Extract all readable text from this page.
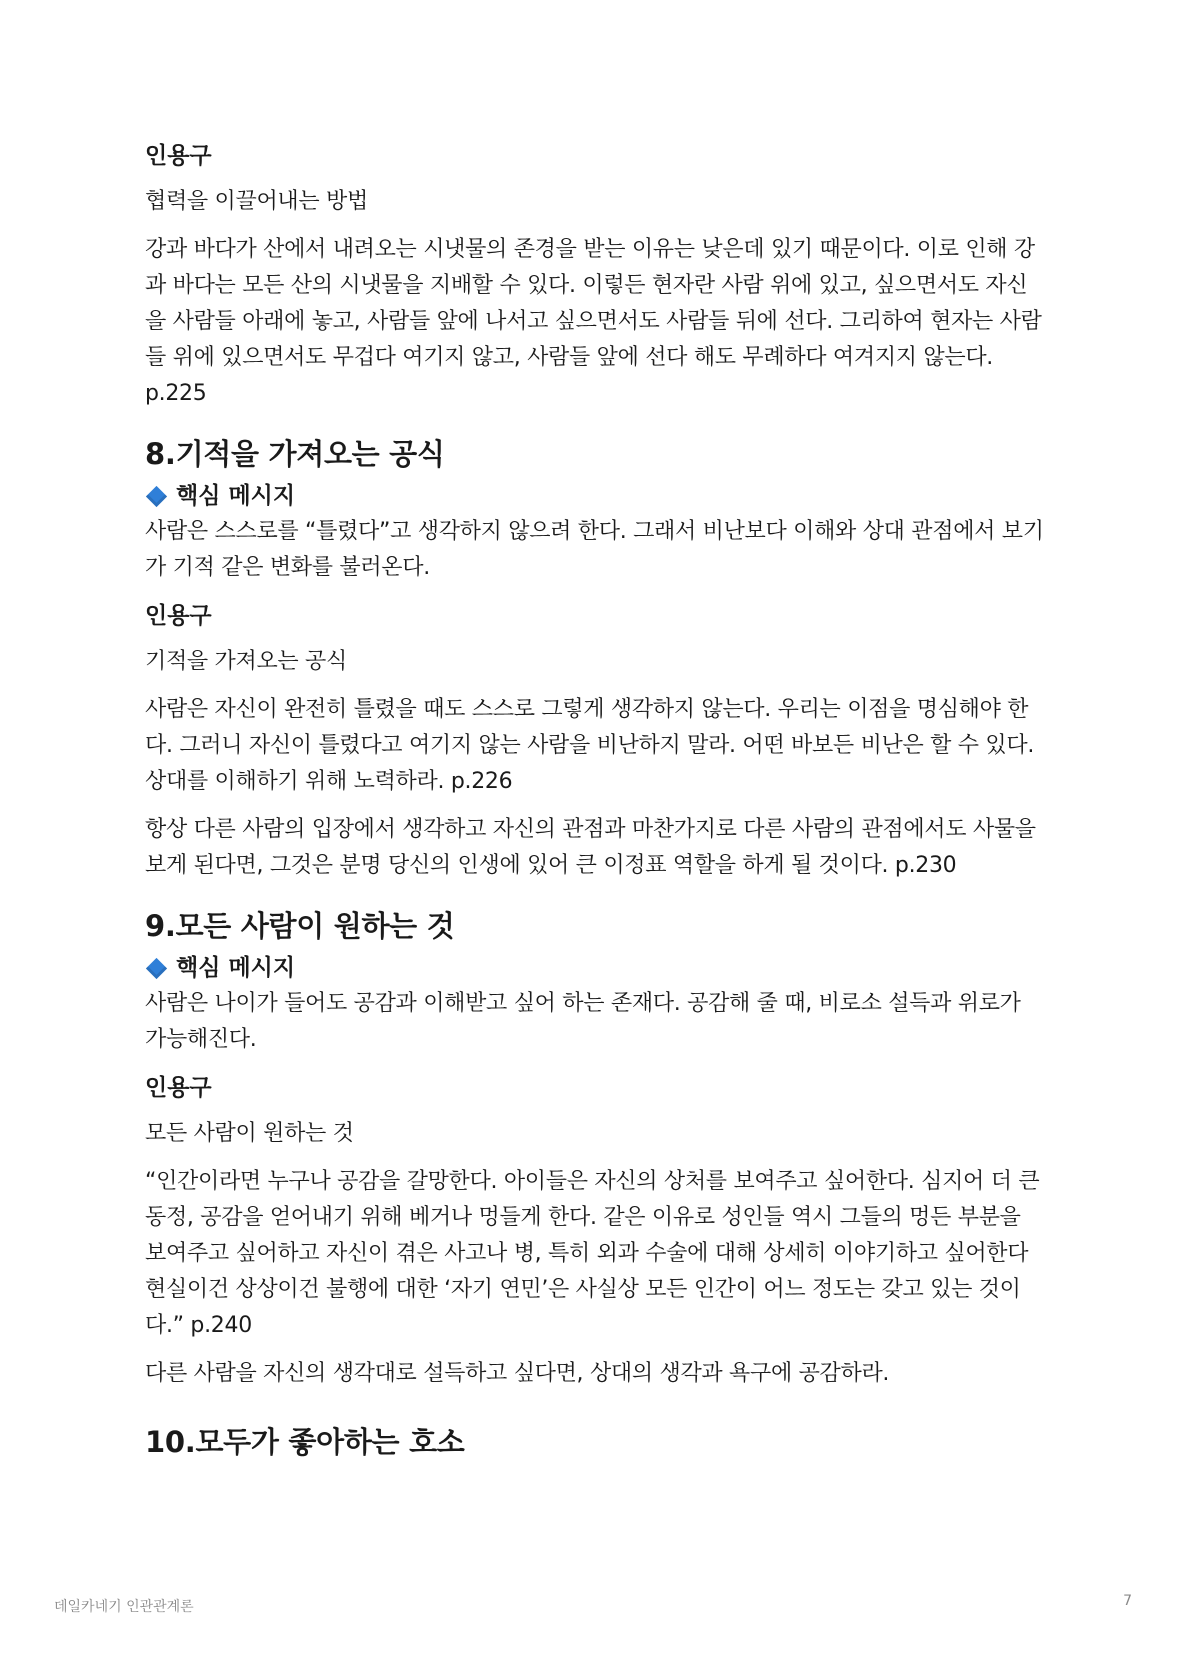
인용구

협력을 이끌어내는 방법

강과 바다가 산에서 내려오는 시냇물의 존경을 받는 이유는 낮은데 있기 때문이다. 이로 인해 강과 바다는 모든 산의 시냇물을 지배할 수 있다. 이렇든 현자란 사람 위에 있고, 싶으면서도 자신을 사람들 아래에 놓고, 사람들 앞에 나서고 싶으면서도 사람들 뒤에 선다. 그리하여 현자는 사람들 위에 있으면서도 무겁다 여기지 않고, 사람들 앞에 선다 해도 무례하다 여겨지지 않는다. p.225

8.기적을 가져오는 공식
핵심 메시지

사람은 스스로를 “틀렸다”고 생각하지 않으려 한다. 그래서 비난보다 이해와 상대 관점에서 보기가 기적 같은 변화를 불러온다.

인용구

기적을 가져오는 공식

사람은 자신이 완전히 틀렸을 때도 스스로 그렇게 생각하지 않는다. 우리는 이점을 명심해야 한다. 그러니 자신이 틀렸다고 여기지 않는 사람을 비난하지 말라. 어떤 바보든 비난은 할 수 있다. 상대를 이해하기 위해 노력하라. p.226

항상 다른 사람의 입장에서 생각하고 자신의 관점과 마찬가지로 다른 사람의 관점에서도 사물을 보게 된다면, 그것은 분명 당신의 인생에 있어 큰 이정표 역할을 하게 될 것이다. p.230

9.모든 사람이 원하는 것
핵심 메시지

사람은 나이가 들어도 공감과 이해받고 싶어 하는 존재다. 공감해 줄 때, 비로소 설득과 위로가 가능해진다.

인용구

모든 사람이 원하는 것

“인간이라면 누구나 공감을 갈망한다. 아이들은 자신의 상처를 보여주고 싶어한다. 심지어 더 큰 동정, 공감을 얻어내기 위해 베거나 멍들게 한다. 같은 이유로 성인들 역시 그들의 멍든 부분을 보여주고 싶어하고 자신이 겪은 사고나 병, 특히 외과 수술에 대해 상세히 이야기하고 싶어한다 현실이건 상상이건 불행에 대한 ‘자기 연민’은 사실상 모든 인간이 어느 정도는 갖고 있는 것이다.” p.240

다른 사람을 자신의 생각대로 설득하고 싶다면, 상대의 생각과 욕구에 공감하라.

10.모두가 좋아하는 호소
데일카네기 인관관계론	7
